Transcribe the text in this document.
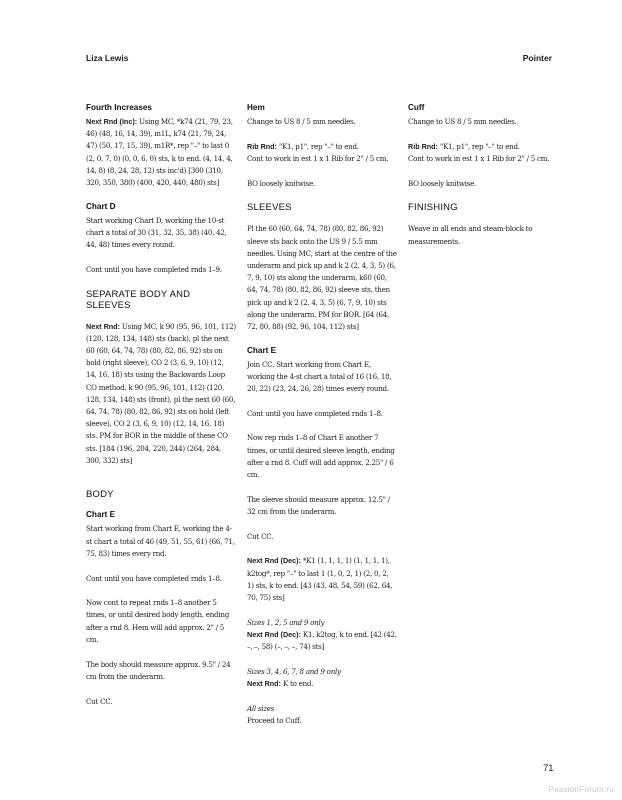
Liza Lewis	Pointer
Fourth Increases

Next Rnd (Inc): Using MC, *k74 (21, 79, 23, 46) (48, 16, 14, 39), m1L, k74 (21, 79, 24, 47) (50, 17, 15, 39), m1R*, rep "–" to last 0 (2, 0, 7, 0) (0, 0, 6, 0) sts, k to end. (4, 14, 4, 14, 8) (8, 24, 28, 12) sts inc'd) [300 (310, 320, 350, 380) (400, 420, 440, 480) sts]

Chart D

Start working Chart D, working the 10-st chart a total of 30 (31, 32, 35, 38) (40, 42, 44, 48) times every round.

Cont until you have completed rnds 1–9.

SEPARATE BODY AND SLEEVES

Next Rnd: Using MC, k 90 (95, 96, 101, 112) (120, 128, 134, 148) sts (back), pl the next 60 (60, 64, 74, 78) (80, 82, 86, 92) sts on hold (right sleeve), CO 2 (3, 6, 9, 10) (12, 14, 16, 18) sts using the Backwards Loop CO method, k 90 (95, 96, 101, 112) (120, 128, 134, 148) sts (front), pl the next 60 (60, 64, 74, 78) (80, 82, 86, 92) sts on hold (left sleeve), CO 2 (3, 6, 9, 10) (12, 14, 16, 18) sts. PM for BOR in the middle of these CO sts. [184 (196, 204, 220, 244) (264, 284, 300, 332) sts]

BODY
Chart E

Start working from Chart E, working the 4-st chart a total of 46 (49, 51, 55, 61) (66, 71, 75, 83) times every rnd.

Cont until you have completed rnds 1–8.

Now cont to repeat rnds 1–8 another 5 times, or until desired body length, ending after a rnd 8. Hem will add approx. 2" / 5 cm.

The body should measure approx. 9.5" / 24 cm from the underarm.

Cut CC.

Hem

Change to US 8 / 5 mm needles.

Rib Rnd: "K1, p1", rep "–" to end.
Cont to work in est 1 x 1 Rib for 2" / 5 cm.

BO loosely knitwise.

SLEEVES

Pl the 60 (60, 64, 74, 78) (80, 82, 86, 92) sleeve sts back onto the US 9 / 5.5 mm needles. Using MC, start at the centre of the underarm and pick up and k 2 (2, 4, 3, 5) (6, 7, 9, 10) sts along the underarm, k60 (60, 64, 74, 78) (80, 82, 86, 92) sleeve sts, then pick up and k 2 (2, 4, 3, 5) (6, 7, 9, 10) sts along the underarm. PM for BOR. [64 (64, 72, 80, 88) (92, 96, 104, 112) sts]

Chart E

Join CC. Start working from Chart E, working the 4-st chart a total of 16 (16, 18, 20, 22) (23, 24, 26, 28) times every round.

Cont until you have completed rnds 1–8.

Now rep rnds 1–8 of Chart E another 7 times, or until desired sleeve length, ending after a rnd 8. Cuff will add approx. 2.25" / 6 cm.

The sleeve should measure approx. 12.5" / 32 cm from the underarm.

Cut CC.

Next Rnd (Dec): *K1 (1, 1, 1, 1) (1, 1, 1, 1), k2tog*, rep "–" to last 1 (1, 0, 2, 1) (2, 0, 2, 1) sts, k to end. [43 (43, 48, 54, 59) (62, 64, 70, 75) sts]

Sizes 1, 2, 5 and 9 only
Next Rnd (Dec): K1, k2tog, k to end. [42 (42, –, –, 58) (–, –, –, 74) sts]

Sizes 3, 4, 6, 7, 8 and 9 only
Next Rnd: K to end.

All sizes
Proceed to Cuff.

Cuff

Change to US 8 / 5 mm needles.

Rib Rnd: "K1, p1", rep "–" to end.
Cont to work in est 1 x 1 Rib for 2" / 5 cm.

BO loosely knitwise.

FINISHING

Weave in all ends and steam-block to measurements.

71
PassionForum.ru
